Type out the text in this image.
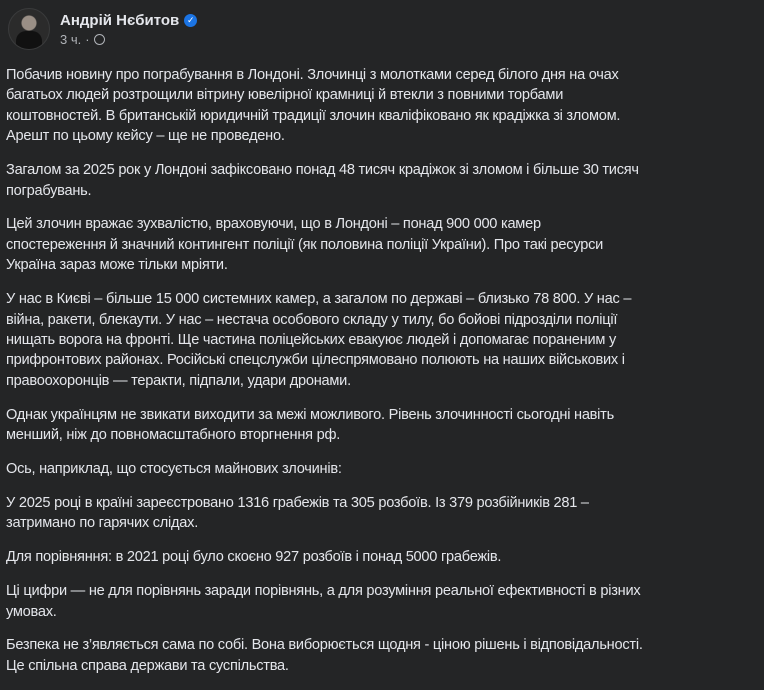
Андрій Нєбитов ✓
3 ч. ·
Побачив новину про пограбування в Лондоні. Злочинці з молотками серед білого дня на очах
багатьох людей розтрощили вітрину ювелірної крамниці й втекли з повними торбами
коштовностей. В британській юридичній традиції злочин кваліфіковано як крадіжка зі зломом.
Арешт по цьому кейсу – ще не проведено.
Загалом за 2025 рок у Лондоні зафіксовано понад 48 тисяч крадіжок зі зломом і більше 30 тисяч
пограбувань.
Цей злочин вражає зухвалістю, враховуючи, що в Лондоні – понад 900 000 камер
спостереження й значний контингент поліції (як половина поліції України). Про такі ресурси
Україна зараз може тільки мріяти.
У нас в Києві – більше 15 000 системних камер, а загалом по державі – близько 78 800. У нас –
війна, ракети, блекаути. У нас – нестача особового складу у тилу, бо бойові підрозділи поліції
нищать ворога на фронті. Ще частина поліцейських евакуює людей і допомагає пораненим у
прифронтових районах. Російські спецслужби цілеспрямовано полюють на наших військових і
правоохоронців — теракти, підпали, удари дронами.
Однак українцям не звикати виходити за межі можливого. Рівень злочинності сьогодні навіть
менший, ніж до повномасштабного вторгнення рф.
Ось, наприклад, що стосується майнових злочинів:
У 2025 році в країні зареєстровано 1316 грабежів та 305 розбоїв. Із 379 розбійників 281 –
затримано по гарячих слідах.
Для порівняння: в 2021 році було скоєно 927 розбоїв і понад 5000 грабежів.
Ці цифри — не для порівнянь заради порівнянь, а для розуміння реальної ефективності в різних
умовах.
Безпека не з’являється сама по собі. Вона виборюється щодня - ціною рішень і відповідальності.
Це спільна справа держави та суспільства.
